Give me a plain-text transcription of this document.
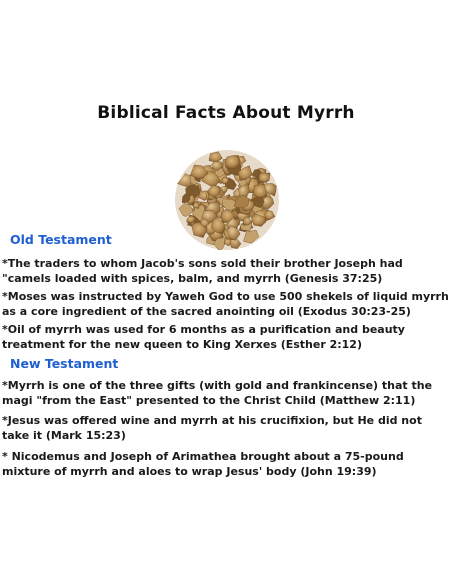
Biblical Facts About Myrrh
Old Testament
*The traders to whom Jacob's sons sold their brother Joseph had "camels loaded with spices, balm, and myrrh (Genesis 37:25)
*Moses was instructed by Yaweh God to use 500 shekels of liquid myrrh as a core ingredient of the sacred anointing oil (Exodus 30:23-25)
*Oil of myrrh was used for 6 months as a purification and beauty treatment for the new queen to King Xerxes (Esther 2:12)
New Testament
*Myrrh is one of the three gifts (with gold and frankincense) that the magi "from the East" presented to the Christ Child (Matthew 2:11)
*Jesus was offered wine and myrrh at his crucifixion, but He did not take it (Mark 15:23)
* Nicodemus and Joseph of Arimathea brought about a 75-pound mixture of myrrh and aloes to wrap Jesus' body (John 19:39)
